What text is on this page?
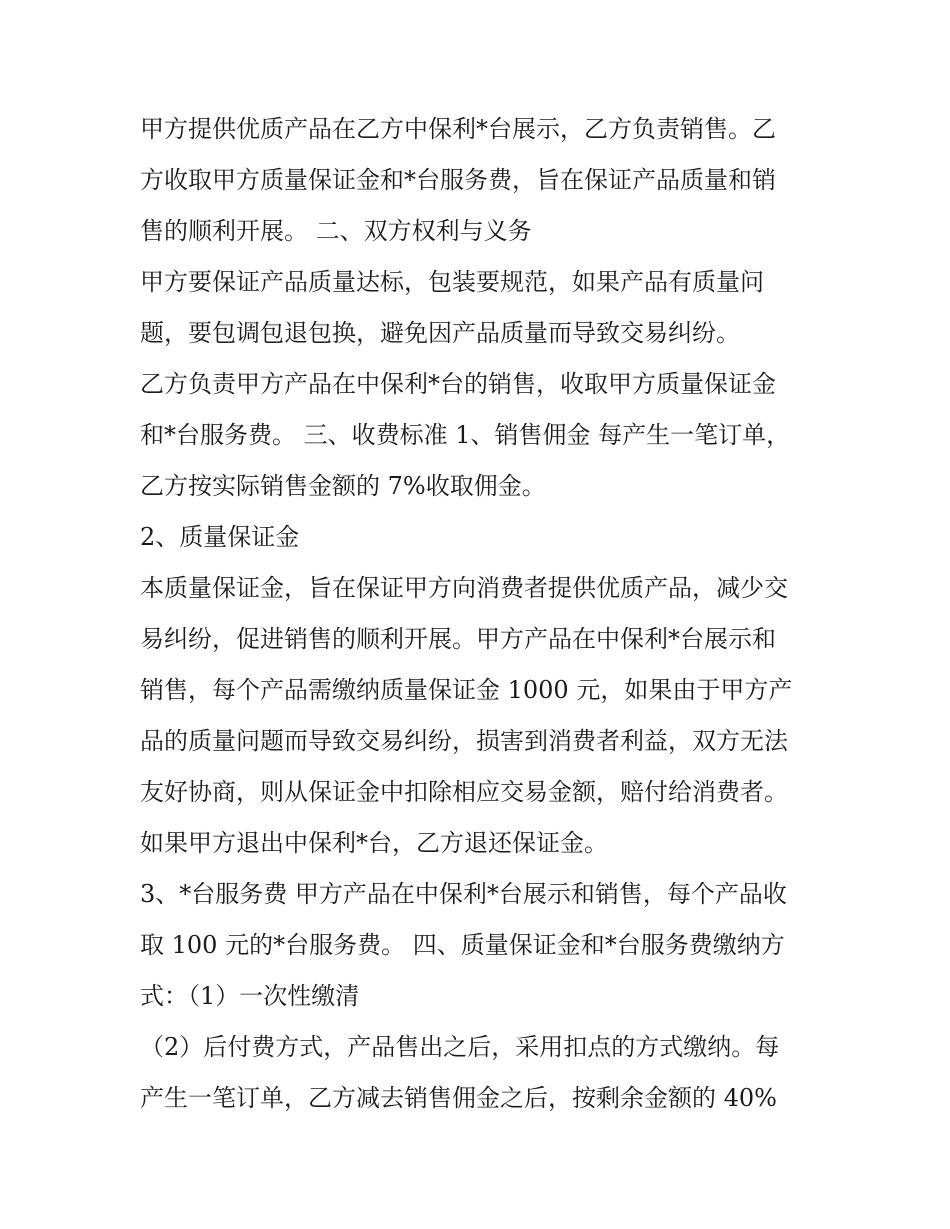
甲方提供优质产品在乙方中保利*台展示，乙方负责销售。乙
方收取甲方质量保证金和*台服务费，旨在保证产品质量和销
售的顺利开展。 二、双方权利与义务
甲方要保证产品质量达标，包装要规范，如果产品有质量问
题，要包调包退包换，避免因产品质量而导致交易纠纷。
乙方负责甲方产品在中保利*台的销售，收取甲方质量保证金
和*台服务费。 三、收费标准 1、销售佣金 每产生一笔订单，
乙方按实际销售金额的 7%收取佣金。
2、质量保证金
本质量保证金，旨在保证甲方向消费者提供优质产品，减少交
易纠纷，促进销售的顺利开展。甲方产品在中保利*台展示和
销售，每个产品需缴纳质量保证金 1000 元，如果由于甲方产
品的质量问题而导致交易纠纷，损害到消费者利益，双方无法
友好协商，则从保证金中扣除相应交易金额，赔付给消费者。
如果甲方退出中保利*台，乙方退还保证金。
3、*台服务费 甲方产品在中保利*台展示和销售，每个产品收
取 100 元的*台服务费。 四、质量保证金和*台服务费缴纳方
式：（1）一次性缴清
（2）后付费方式，产品售出之后，采用扣点的方式缴纳。每
产生一笔订单，乙方减去销售佣金之后，按剩余金额的 40%
